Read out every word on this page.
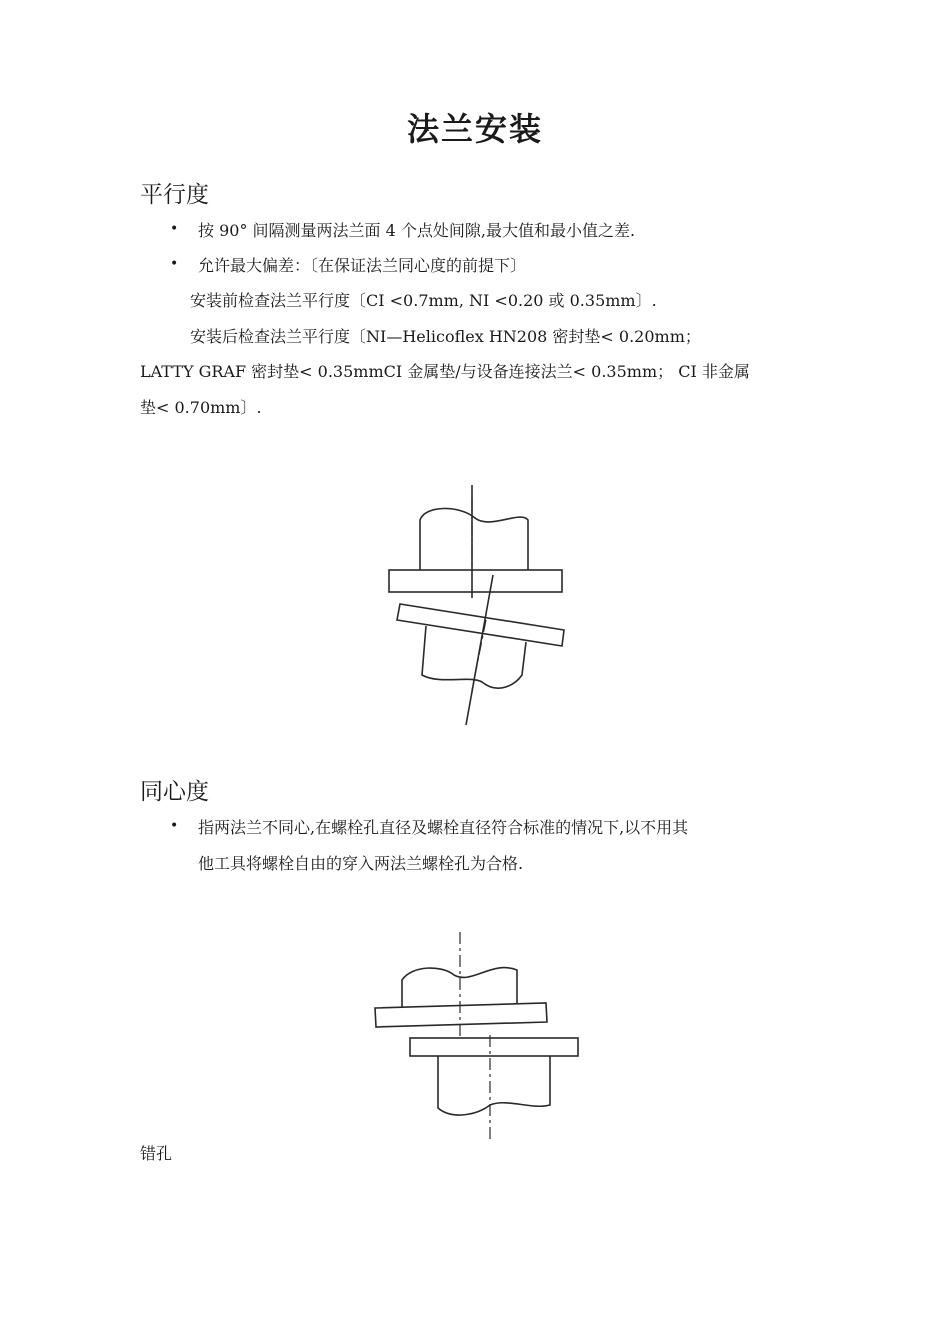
法兰安装
平行度
• 按 90° 间隔测量两法兰面 4 个点处间隙,最大值和最小值之差.
• 允许最大偏差：〔在保证法兰同心度的前提下〕
安装前检查法兰平行度〔CI <0.7mm, NI <0.20 或 0.35mm〕.
安装后检查法兰平行度〔NI—Helicoflex HN208 密封垫< 0.20mm；
LATTY GRAF 密封垫< 0.35mmCI 金属垫/与设备连接法兰< 0.35mm； CI 非金属
垫< 0.70mm〕.
同心度
• 指两法兰不同心,在螺栓孔直径及螺栓直径符合标准的情况下,以不用其
他工具将螺栓自由的穿入两法兰螺栓孔为合格.
错孔
